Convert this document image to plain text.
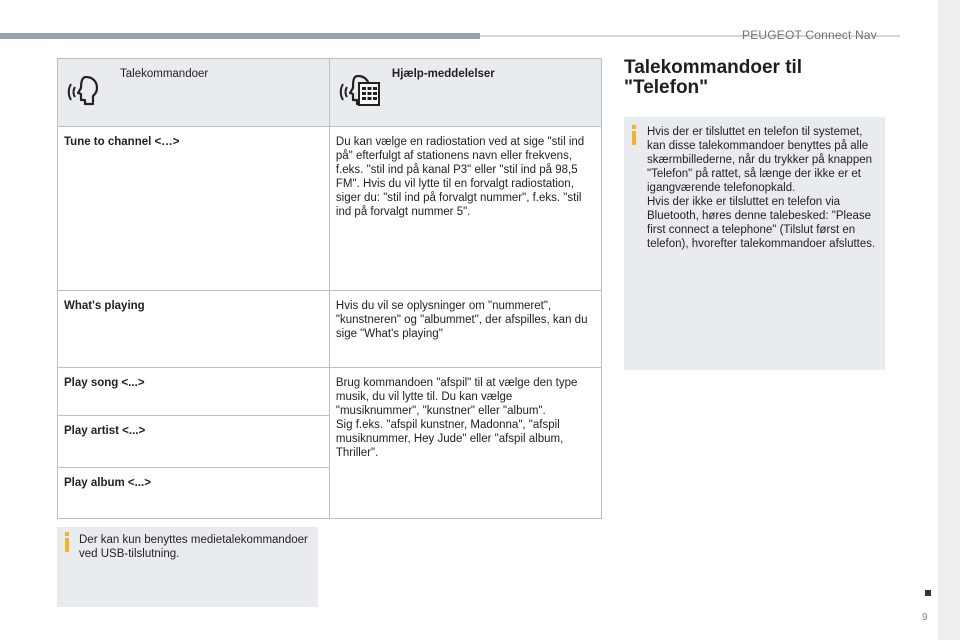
PEUGEOT Connect Nav
Talekommandoer	Hjælp-meddelelser

Tune to channel <…>	Du kan vælge en radiostation ved at sige "stil ind på" efterfulgt af stationens navn eller frekvens, f.eks. "stil ind på kanal P3" eller "stil ind på 98,5 FM". Hvis du vil lytte til en forvalgt radiostation, siger du: "stil ind på forvalgt nummer", f.eks. "stil ind på forvalgt nummer 5".
What's playing	Hvis du vil se oplysninger om "nummeret", "kunstneren" og "albummet", der afspilles, kan du sige "What's playing"
Play song <...>	Brug kommandoen "afspil" til at vælge den type musik, du vil lytte til. Du kan vælge "musiknummer", "kunstner" eller "album".
Sig f.eks. "afspil kunstner, Madonna", "afspil musiknummer, Hey Jude" eller "afspil album, Thriller".
Play artist <...>	
Play album <...>	
Der kan kun benyttes medietalekommandoer ved USB-tilslutning.
Talekommandoer til "Telefon"
Hvis der er tilsluttet en telefon til systemet, kan disse talekommandoer benyttes på alle skærmbillederne, når du trykker på knappen "Telefon" på rattet, så længe der ikke er et igangværende telefonopkald.
Hvis der ikke er tilsluttet en telefon via Bluetooth, høres denne talebesked: "Please first connect a telephone" (Tilslut først en telefon), hvorefter talekommandoer afsluttes.
9
